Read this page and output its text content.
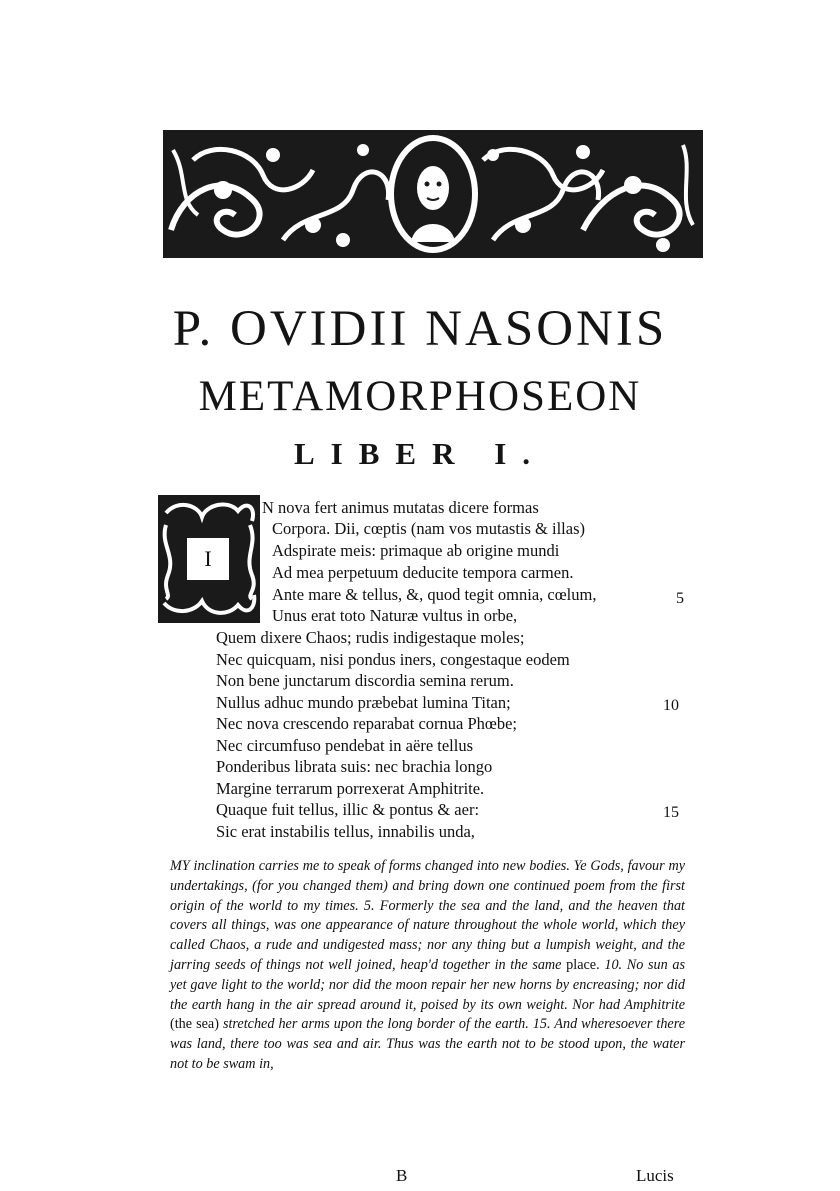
P. OVIDII NASONIS
METAMORPHOSEON
LIBER I.
I
N nova fert animus mutatas dicere formas
Corpora. Dii, cœptis (nam vos mutastis & illas)
Adspirate meis: primaque ab origine mundi
Ad mea perpetuum deducite tempora carmen.
Ante mare & tellus, &, quod tegit omnia, cœlum,
Unus erat toto Naturæ vultus in orbe,
Quem dixere Chaos; rudis indigestaque moles;
Nec quicquam, nisi pondus iners, congestaque eodem
Non bene junctarum discordia semina rerum.
Nullus adhuc mundo præbebat lumina Titan;
Nec nova crescendo reparabat cornua Phœbe;
Nec circumfuso pendebat in aëre tellus
Ponderibus librata suis: nec brachia longo
Margine terrarum porrexerat Amphitrite.
Quaque fuit tellus, illic & pontus & aer:
Sic erat instabilis tellus, innabilis unda,
5
10
15
MY inclination carries me to speak of forms changed into new bodies. Ye Gods, favour my undertakings, (for you changed them) and bring down one continued poem from the first origin of the world to my times. 5. Formerly the sea and the land, and the heaven that covers all things, was one appearance of nature throughout the whole world, which they called Chaos, a rude and undigested mass; nor any thing but a lumpish weight, and the jarring seeds of things not well joined, heap'd together in the same place. 10. No sun as yet gave light to the world; nor did the moon repair her new horns by encreasing; nor did the earth hang in the air spread around it, poised by its own weight. Nor had Amphitrite (the sea) stretched her arms upon the long border of the earth. 15. And wheresoever there was land, there too was sea and air. Thus was the earth not to be stood upon, the water not to be swam in,
B	Lucis
